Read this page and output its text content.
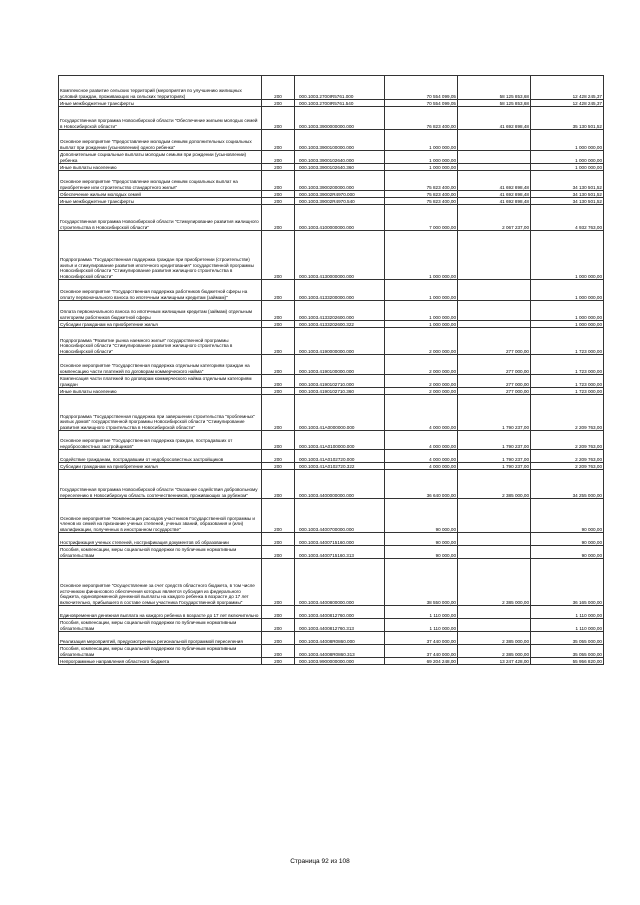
Комплексное развитие сельских территорий (мероприятия по улучшению жилищных условий граждан, проживающих на сельских территориях)	200	000.1003.2700ІR5761.000	70 554 099,05	58 125 853,68	12 428 245,37
Иные межбюджетные трансферты	200	000.1003.2700ІR5761.540	70 554 099,05	58 125 853,68	12 428 245,37
Государственная программа Новосибирской области "Обеспечение жильем молодых семей в Новосибирской области"	200	000.1003.3900000000.000	76 823 400,00	41 692 898,48	35 130 501,52
Основное мероприятие "Предоставление молодым семьям дополнительных социальных выплат при рождении (усыновлении) одного ребенка"	200	000.1003.3900100000.000	1 000 000,00		1 000 000,00
Дополнительные социальные выплаты молодым семьям при рождении (усыновлении) ребенка	200	000.1003.3900102640.000	1 000 000,00		1 000 000,00
Иные выплаты населению	200	000.1003.3900102640.360	1 000 000,00		1 000 000,00
Основное мероприятие "Предоставление молодым семьям социальных выплат на приобретение или строительство стандартного жилья"	200	000.1003.3900200000.000	75 823 400,00	41 692 898,48	34 130 501,52
Обеспечение жильем молодых семей	200	000.1003.39002R4970.000	75 823 400,00	41 692 898,48	34 130 501,52
Иные межбюджетные трансферты	200	000.1003.39002R4970.540	75 823 400,00	41 692 898,48	34 130 501,52
Государственная программа Новосибирской области "Стимулирование развития жилищного строительства в Новосибирской области"	200	000.1003.4100000000.000	7 000 000,00	2 067 237,00	4 932 763,00
Подпрограмма "Государственная поддержка граждан при приобретении (строительстве) жилья и стимулирование развития ипотечного кредитования" государственной программы Новосибирской области "Стимулирование развития жилищного строительства в Новосибирской области"	200	000.1003.4130000000.000	1 000 000,00		1 000 000,00
Основное мероприятие "Государственная поддержка работников бюджетной сферы на оплату первоначального взноса по ипотечным жилищным кредитам (займам)"	200	000.1003.4133200000.000	1 000 000,00		1 000 000,00
Оплата первоначального взноса по ипотечным жилищным кредитам (займам) отдельным категориям работников бюджетной сферы	200	000.1003.4133202600.000	1 000 000,00		1 000 000,00
Субсидии гражданам на приобретение жилья	200	000.1003.4133202600.322	1 000 000,00		1 000 000,00
Подпрограмма "Развитие рынка наемного жилья" государственной программы Новосибирской области "Стимулирование развития жилищного строительства в Новосибирской области"	200	000.1003.4190000000.000	2 000 000,00	277 000,00	1 723 000,00
Основное мероприятие "Государственная поддержка отдельным категориям граждан на компенсацию части платежей по договорам коммерческого найма"	200	000.1003.4190100000.000	2 000 000,00	277 000,00	1 723 000,00
Компенсация части платежей по договорам коммерческого найма отдельным категориям граждан	200	000.1003.4190102710.000	2 000 000,00	277 000,00	1 723 000,00
Иные выплаты населению	200	000.1003.4190102710.360	2 000 000,00	277 000,00	1 723 000,00
Подпрограмма "Государственная поддержка при завершении строительства "проблемных" жилых домов" государственной программы Новосибирской области "Стимулирование развития жилищного строительства в Новосибирской области"	200	000.1003.41А0000000.000	4 000 000,00	1 790 237,00	2 209 763,00
Основное мероприятие "Государственная поддержка граждан, пострадавших от недобросовестных застройщиков"	200	000.1003.41А0100000.000	4 000 000,00	1 790 237,00	2 209 763,00
Содействие гражданам, пострадавшим от недобросовестных застройщиков	200	000.1003.41А0102720.000	4 000 000,00	1 790 237,00	2 209 763,00
Субсидии гражданам на приобретение жилья	200	000.1003.41А0102720.322	4 000 000,00	1 790 237,00	2 209 763,00
Государственная программа Новосибирской области "Оказание содействия добровольному переселению в Новосибирскую область соотечественников, проживающих за рубежом"	200	000.1003.4400000000.000	36 640 000,00	2 385 000,00	34 255 000,00
Основное мероприятие "Компенсация расходов участников Государственной программы и членов их семей на признание ученых степеней, ученых званий, образования и (или) квалификации, полученных в иностранном государстве"	200	000.1003.4400700000.000	90 000,00		90 000,00
Нострификация ученых степеней, нострификация документов об образовании	200	000.1003.4400715160.000	90 000,00		90 000,00
Пособия, компенсации, меры социальной поддержки по публичным нормативным обязательствам	200	000.1003.4400715160.313	90 000,00		90 000,00
Основное мероприятие "Осуществление за счет средств областного бюджета, в том числе источником финансового обеспечения которых является субсидия из федерального бюджета, единовременной денежной выплаты на каждого ребенка в возрасте до 17 лет включительно, прибывшего в составе семьи участника Государственной программы"	200	000.1003.4400800000.000	38 550 000,00	2 385 000,00	36 165 000,00
Единовременная денежная выплата на каждого ребенка в возрасте до 17 лет включительно	200	000.1003.4400812760.000	1 110 000,00		1 110 000,00
Пособия, компенсации, меры социальной поддержки по публичным нормативным обязательствам	200	000.1003.4400812760.313	1 110 000,00		1 110 000,00
Реализация мероприятий, предусмотренных региональной программой переселения	200	000.1003.44008R0860.000	37 440 000,00	2 385 000,00	35 055 000,00
Пособия, компенсации, меры социальной поддержки по публичным нормативным обязательствам	200	000.1003.44008R0860.313	37 440 000,00	2 385 000,00	35 055 000,00
Непрограммные направления областного бюджета	200	000.1003.9900000000.000	69 204 248,00	13 247 428,00	55 956 820,00
Страница 92 из 108
